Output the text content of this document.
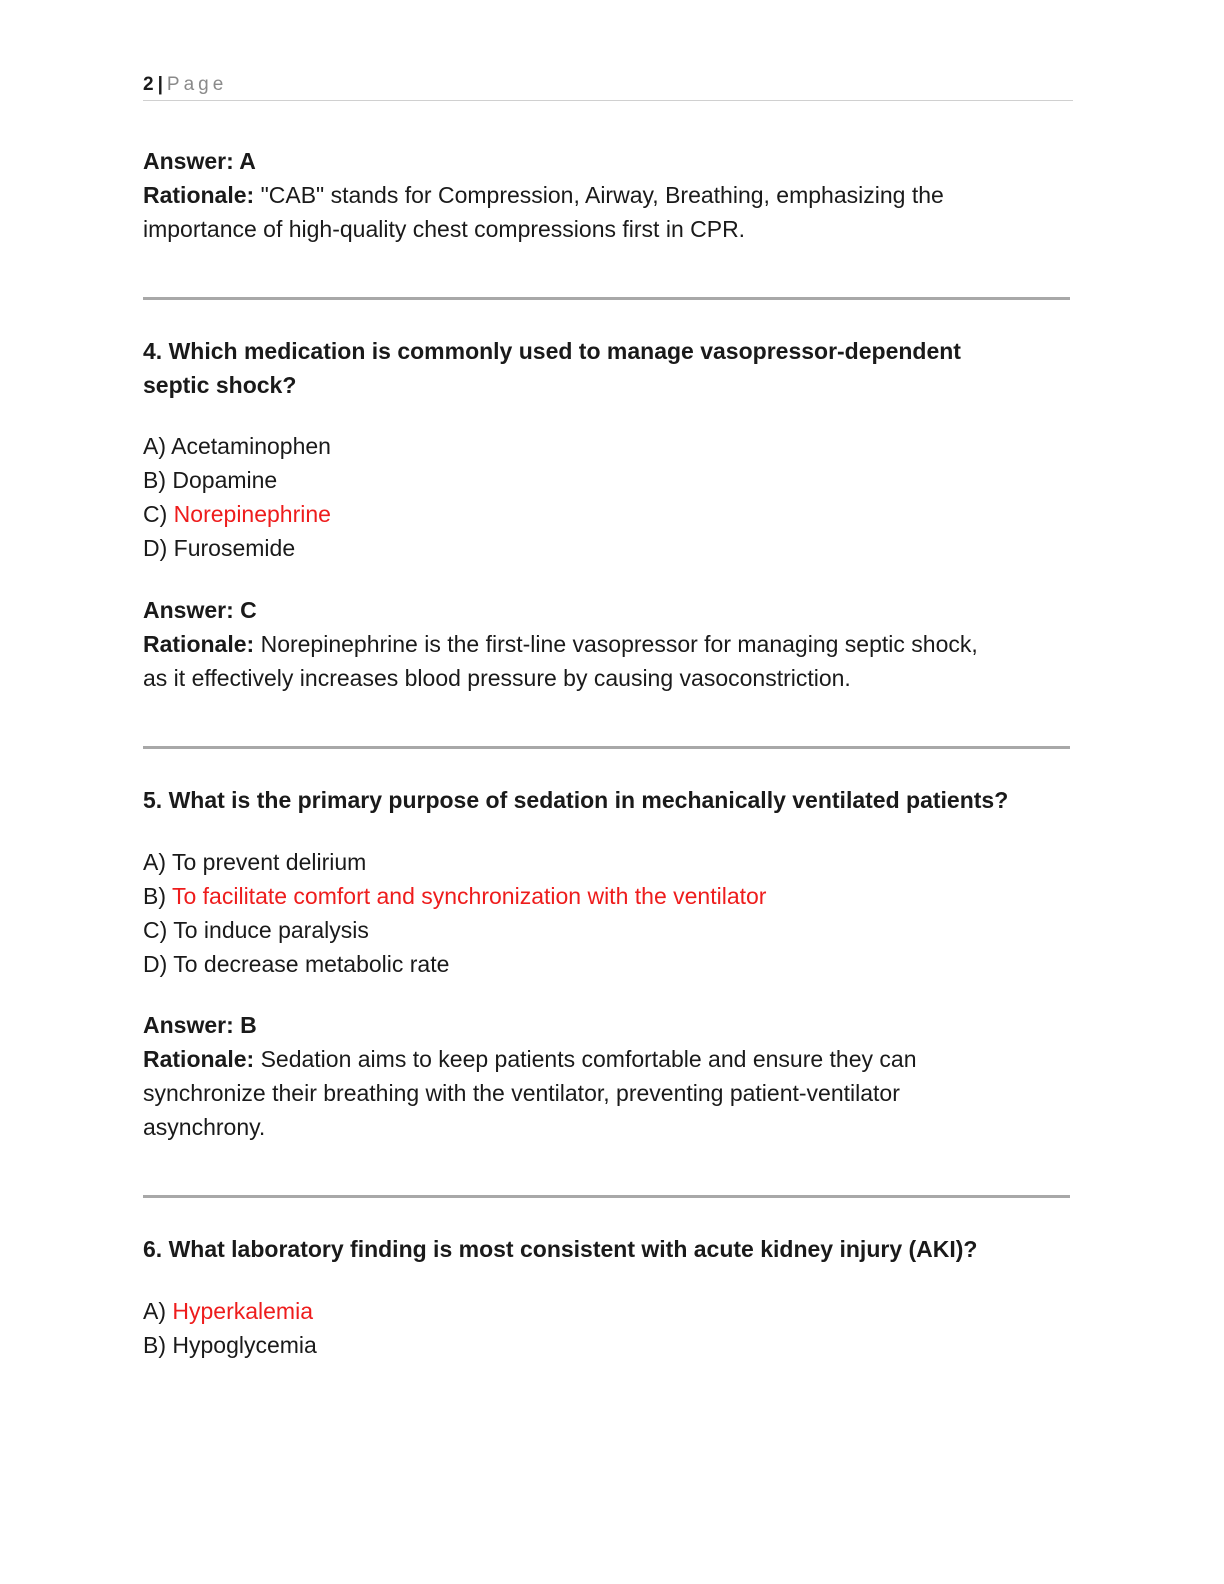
2 | Page
Answer: A
Rationale: "CAB" stands for Compression, Airway, Breathing, emphasizing the
importance of high-quality chest compressions first in CPR.
4. Which medication is commonly used to manage vasopressor-dependent
septic shock?
A) Acetaminophen
B) Dopamine
C) Norepinephrine
D) Furosemide
Answer: C
Rationale: Norepinephrine is the first-line vasopressor for managing septic shock,
as it effectively increases blood pressure by causing vasoconstriction.
5. What is the primary purpose of sedation in mechanically ventilated patients?
A) To prevent delirium
B) To facilitate comfort and synchronization with the ventilator
C) To induce paralysis
D) To decrease metabolic rate
Answer: B
Rationale: Sedation aims to keep patients comfortable and ensure they can
synchronize their breathing with the ventilator, preventing patient-ventilator
asynchrony.
6. What laboratory finding is most consistent with acute kidney injury (AKI)?
A) Hyperkalemia
B) Hypoglycemia
